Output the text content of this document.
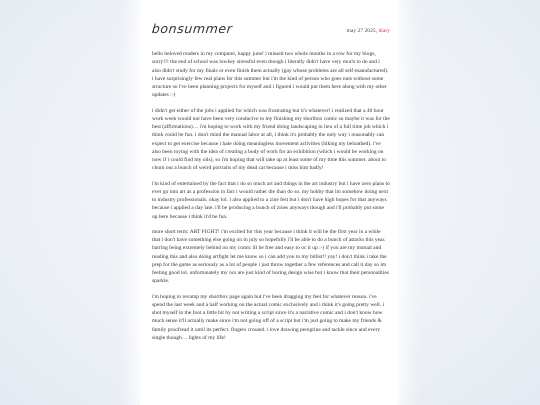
bonsummer	may 27 2025, diary

hello beloved readers in my computer, happy june! i missed two whole months in a row for my blogs, sorry!!! the end of school was lowkey stressful even though i literally didn't have very much to do and i also didn't study for my finals or even finish them actually (gay whose problems are all self-manufactured). i have surprisingly few real plans for this summer but i'm the kind of person who goes nuts without some structure so i've been planning projects for myself and i figured i would put them here along with my other updates :-)

i didn't get either of the jobs i applied for which was frustrating but it's whatever! i realized that a 40 hour work week would not have been very conducive to my finishing my shortbox comic so maybe it was for the best (affirmations)… i'm hoping to work with my friend doing landscaping in lieu of a full time job which i think could be fun. i don't mind the manual labor at all, i think it's probably the only way i reasonably can expect to get exercise because i hate doing meaningless movement activities (hiking my beloathed). i've also been toying with the idea of creating a body of work for an exhibition (which i would be working on now if i could find my oils), so i'm hoping that will take up at least some of my time this summer. about to churn out a bunch of weird portraits of my dead cat because i miss him badly!

i'm kind of entertained by the fact that i do so much art and things in the art industry but i have zero plans to ever go into art as a profession in fact i would rather die than do so. my hobby that im somehow doing next to industry professionals. okay lol. i also applied to a zine fest but i don't have high hopes for that anyways because i applied a day late. i'll be producing a bunch of zines anyways though and i'll probably put some up here because i think it'd be fun.

more short term: ART FIGHT! i'm excited for this year because i think it will be the first year in a while that i don't have something else going on in july so hopefully i'll be able to do a bunch of attacks this year. barring being extremely behind on my comic ill be free and easy to oc it up :-) if you are my mutual and reading this and also doing artfight let me know so i can add you to my bitlist!! yay! i don't think i take the prep for the game as seriously as a lot of people i just throw together a few references and call it day so im feeling good lol. unfortunately my ocs are just kind of boring design wise but i know that their personalities sparkle.

i'm hoping to revamp my shortbox page again but i've been dragging my feet for whatever reason. i've spend the last week and a half working on the actual comic exclusively and i think it's going pretty well. i shot myself in the foot a little bit by not writing a script since it's a narrative comic and i don't know how much sense it'll actually make since i'm not going off of a script but i'm just going to make my friends & family proofread it until its perfect. fingers crossed. i love drawing peregrine and tackle since and every single though… lights of my life!
